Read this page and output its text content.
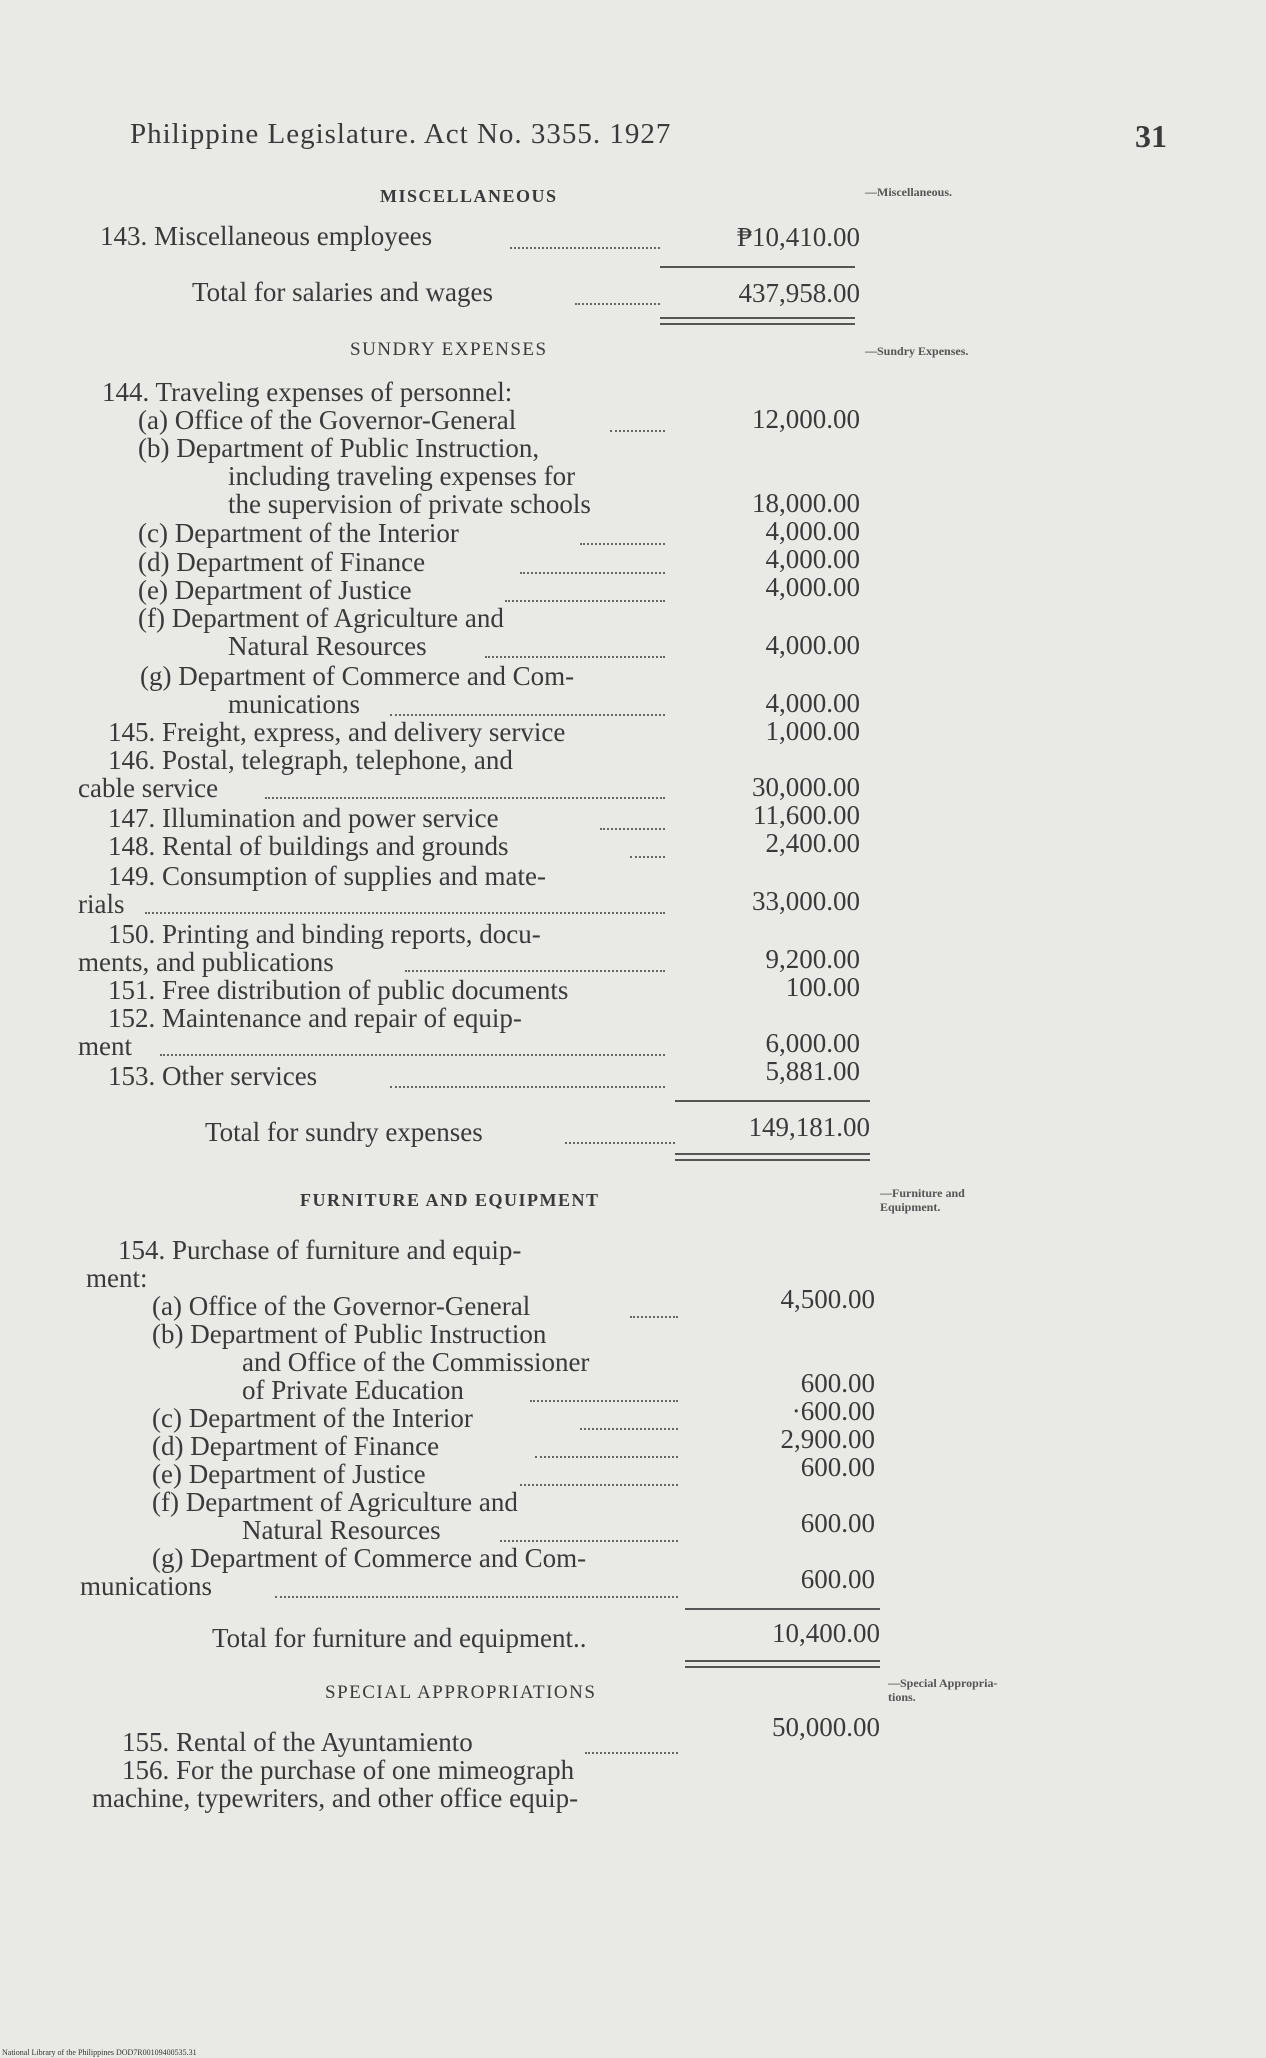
Philippine Legislature. Act No. 3355. 1927	31
MISCELLANEOUS	—Miscellaneous.
143. Miscellaneous employees	₱10,410.00
Total for salaries and wages	437,958.00
SUNDRY EXPENSES	—Sundry Expenses.
144. Traveling expenses of personnel:
(a) Office of the Governor-General	12,000.00
(b) Department of Public Instruction,
including traveling expenses for
the supervision of private schools	18,000.00
(c) Department of the Interior	4,000.00
(d) Department of Finance	4,000.00
(e) Department of Justice	4,000.00
(f) Department of Agriculture and
Natural Resources	4,000.00
(g) Department of Commerce and Com-
munications	4,000.00
145. Freight, express, and delivery service	1,000.00
146. Postal, telegraph, telephone, and
cable service	30,000.00
147. Illumination and power service	11,600.00
148. Rental of buildings and grounds	2,400.00
149. Consumption of supplies and mate-
rials	33,000.00
150. Printing and binding reports, docu-
ments, and publications	9,200.00
151. Free distribution of public documents	100.00
152. Maintenance and repair of equip-
ment	6,000.00
153. Other services	5,881.00
Total for sundry expenses	149,181.00
FURNITURE AND EQUIPMENT	—Furniture and
Equipment.
154. Purchase of furniture and equip-
ment:
(a) Office of the Governor-General	4,500.00
(b) Department of Public Instruction
and Office of the Commissioner
of Private Education	600.00
(c) Department of the Interior	·600.00
(d) Department of Finance	2,900.00
(e) Department of Justice	600.00
(f) Department of Agriculture and
Natural Resources	600.00
(g) Department of Commerce and Com-
munications	600.00
Total for furniture and equipment..	10,400.00
SPECIAL APPROPRIATIONS	—Special Appropria-
tions.
155. Rental of the Ayuntamiento	50,000.00
156. For the purchase of one mimeograph
machine, typewriters, and other office equip-
National Library of the Philippines DOD7R00109400535.31
